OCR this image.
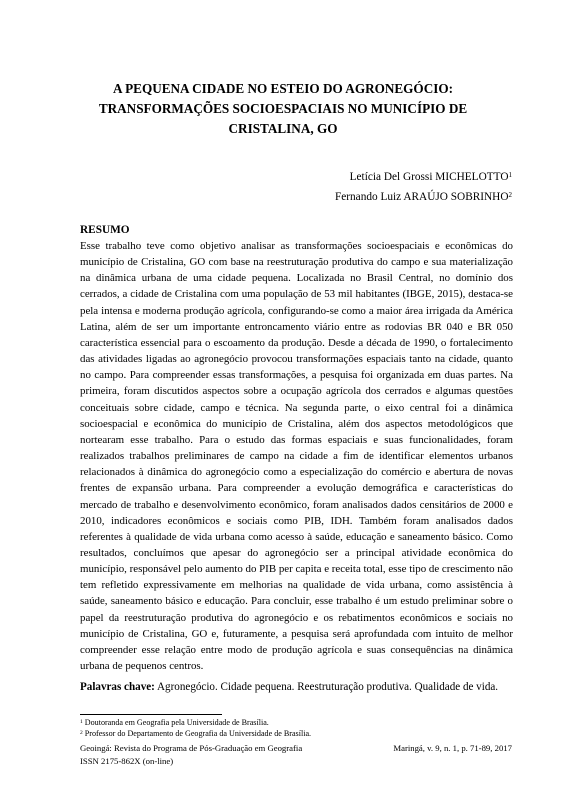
A PEQUENA CIDADE NO ESTEIO DO AGRONEGÓCIO:
TRANSFORMAÇÕES SOCIOESPACIAIS NO MUNICÍPIO DE
CRISTALINA, GO
Letícia Del Grossi MICHELOTTO$^1$
Fernando Luiz ARAÚJO SOBRINHO$^2$
RESUMO
Esse trabalho teve como objetivo analisar as transformações socioespaciais e econômicas do município de Cristalina, GO com base na reestruturação produtiva do campo e sua materialização na dinâmica urbana de uma cidade pequena. Localizada no Brasil Central, no domínio dos cerrados, a cidade de Cristalina com uma população de 53 mil habitantes (IBGE, 2015), destaca-se pela intensa e moderna produção agrícola, configurando-se como a maior área irrigada da América Latina, além de ser um importante entroncamento viário entre as rodovias BR 040 e BR 050 característica essencial para o escoamento da produção. Desde a década de 1990, o fortalecimento das atividades ligadas ao agronegócio provocou transformações espaciais tanto na cidade, quanto no campo. Para compreender essas transformações, a pesquisa foi organizada em duas partes. Na primeira, foram discutidos aspectos sobre a ocupação agrícola dos cerrados e algumas questões conceituais sobre cidade, campo e técnica. Na segunda parte, o eixo central foi a dinâmica socioespacial e econômica do município de Cristalina, além dos aspectos metodológicos que nortearam esse trabalho. Para o estudo das formas espaciais e suas funcionalidades, foram realizados trabalhos preliminares de campo na cidade a fim de identificar elementos urbanos relacionados à dinâmica do agronegócio como a especialização do comércio e abertura de novas frentes de expansão urbana. Para compreender a evolução demográfica e características do mercado de trabalho e desenvolvimento econômico, foram analisados dados censitários de 2000 e 2010, indicadores econômicos e sociais como PIB, IDH. Também foram analisados dados referentes à qualidade de vida urbana como acesso à saúde, educação e saneamento básico. Como resultados, concluímos que apesar do agronegócio ser a principal atividade econômica do município, responsável pelo aumento do PIB per capita e receita total, esse tipo de crescimento não tem refletido expressivamente em melhorias na qualidade de vida urbana, como assistência à saúde, saneamento básico e educação. Para concluir, esse trabalho é um estudo preliminar sobre o papel da reestruturação produtiva do agronegócio e os rebatimentos econômicos e sociais no município de Cristalina, GO e, futuramente, a pesquisa será aprofundada com intuito de melhor compreender esse relação entre modo de produção agrícola e suas consequências na dinâmica urbana de pequenos centros.
Palavras chave: Agronegócio. Cidade pequena. Reestruturação produtiva. Qualidade de vida.
$^1$ Doutoranda em Geografia pela Universidade de Brasília.
$^2$ Professor do Departamento de Geografia da Universidade de Brasília.
Geoingá: Revista do Programa de Pós-Graduação em Geografia
ISSN 2175-862X (on-line)
Maringá, v. 9, n. 1, p. 71-89, 2017
